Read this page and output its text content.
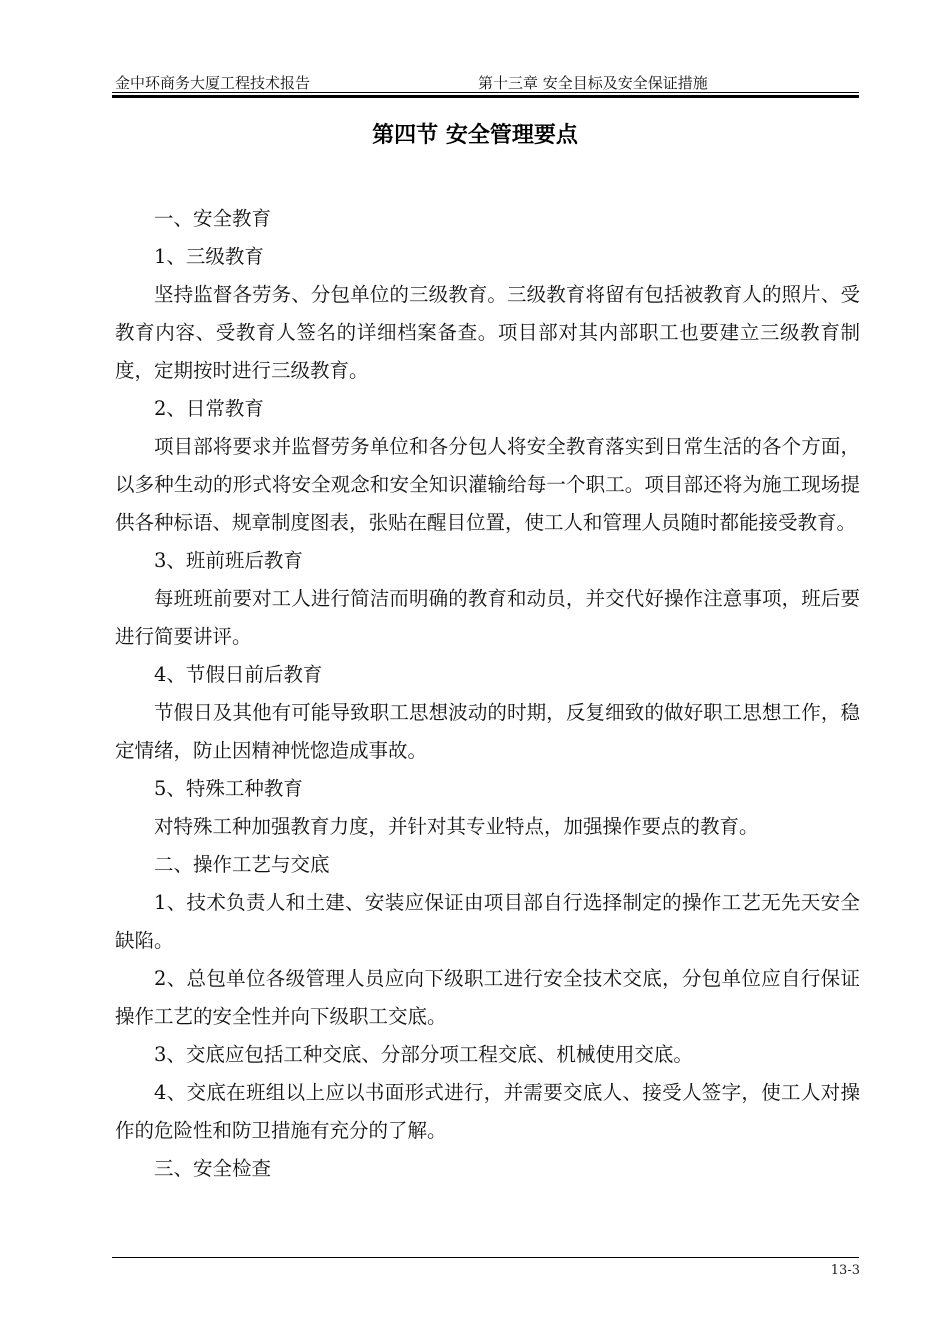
金中环商务大厦工程技术报告	第十三章 安全目标及安全保证措施
第四节 安全管理要点

一、安全教育

1、三级教育

坚持监督各劳务、分包单位的三级教育。三级教育将留有包括被教育人的照片、受教育内容、受教育人签名的详细档案备查。项目部对其内部职工也要建立三级教育制度，定期按时进行三级教育。

2、日常教育

项目部将要求并监督劳务单位和各分包人将安全教育落实到日常生活的各个方面，以多种生动的形式将安全观念和安全知识灌输给每一个职工。项目部还将为施工现场提供各种标语、规章制度图表，张贴在醒目位置，使工人和管理人员随时都能接受教育。

3、班前班后教育

每班班前要对工人进行简洁而明确的教育和动员，并交代好操作注意事项，班后要进行简要讲评。

4、节假日前后教育

节假日及其他有可能导致职工思想波动的时期，反复细致的做好职工思想工作，稳定情绪，防止因精神恍惚造成事故。

5、特殊工种教育

对特殊工种加强教育力度，并针对其专业特点，加强操作要点的教育。

二、操作工艺与交底

1、技术负责人和土建、安装应保证由项目部自行选择制定的操作工艺无先天安全缺陷。

2、总包单位各级管理人员应向下级职工进行安全技术交底，分包单位应自行保证操作工艺的安全性并向下级职工交底。

3、交底应包括工种交底、分部分项工程交底、机械使用交底。

4、交底在班组以上应以书面形式进行，并需要交底人、接受人签字，使工人对操作的危险性和防卫措施有充分的了解。

三、安全检查

13-3
